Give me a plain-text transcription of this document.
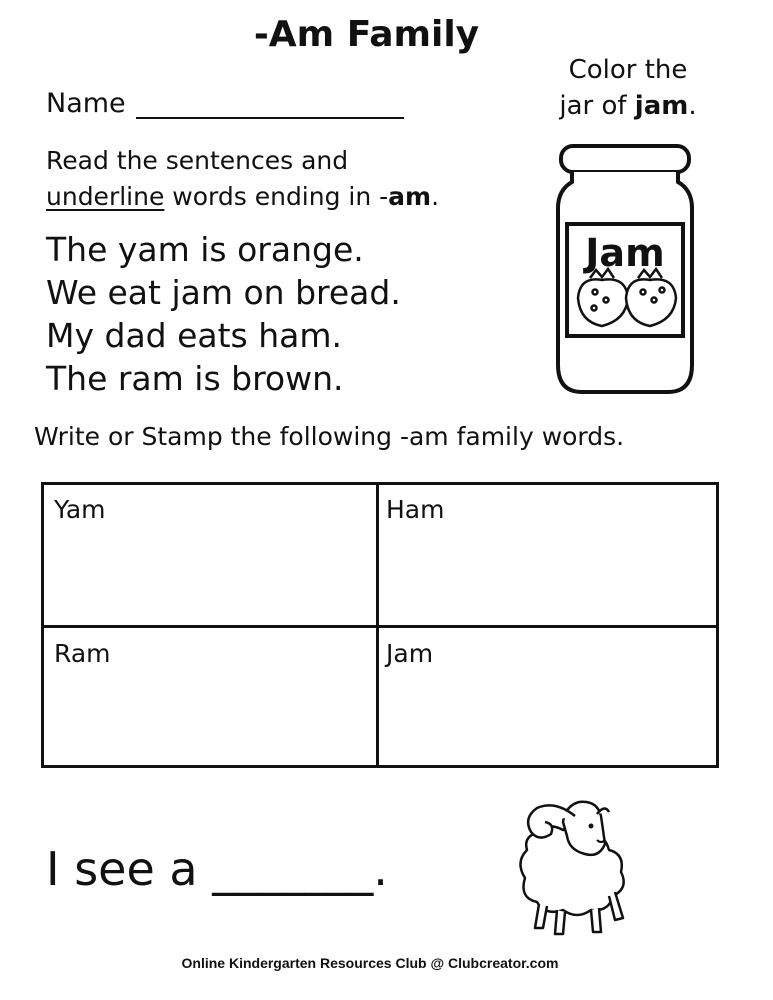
-Am Family
Name
Color the
jar of jam.
Read the sentences and
underline words ending in -am.
The yam is orange.
We eat jam on bread.
My dad eats ham.
The ram is brown.
Jam
Write or Stamp the following -am family words.
Yam	Ham
Ram	Jam
I see a _______.
Online Kindergarten Resources Club @ Clubcreator.com
